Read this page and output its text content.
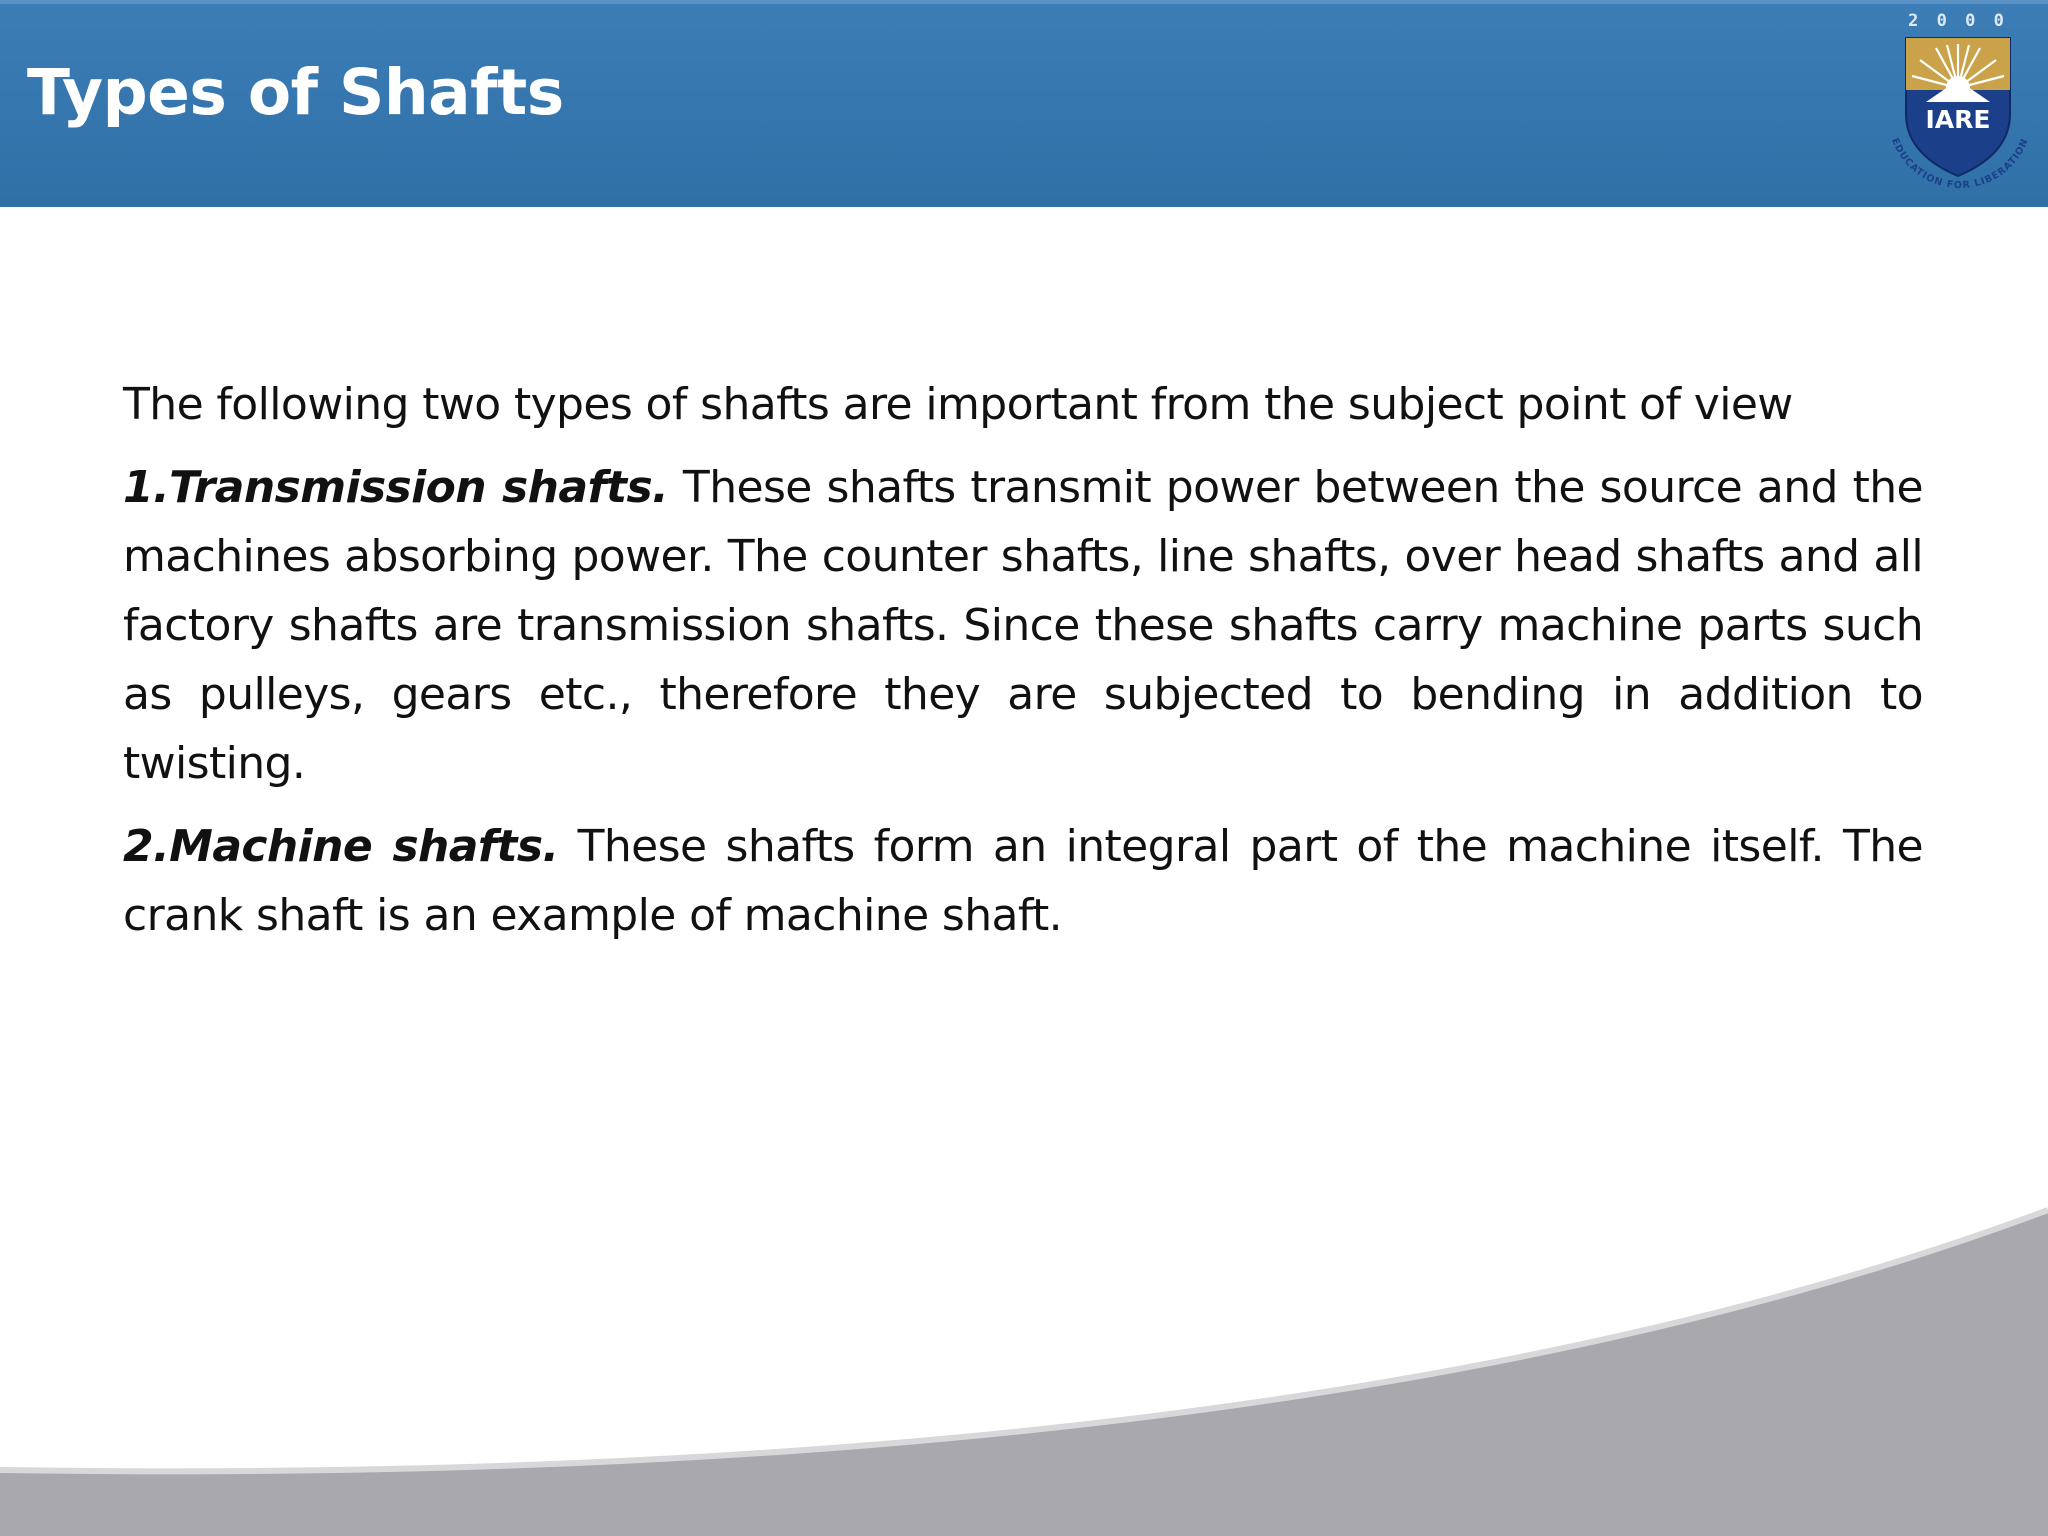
Types of Shafts
2 0 0 0
IARE
EDUCATION FOR LIBERATION

The following two types of shafts are important from the subject point of view

1.Transmission shafts. These shafts transmit power between the source and the machines absorbing power. The counter shafts, line shafts, over head shafts and all factory shafts are transmission shafts. Since these shafts carry machine parts such as pulleys, gears etc., therefore they are subjected to bending in addition to twisting.

2.Machine shafts. These shafts form an integral part of the machine itself. The crank shaft is an example of machine shaft.
